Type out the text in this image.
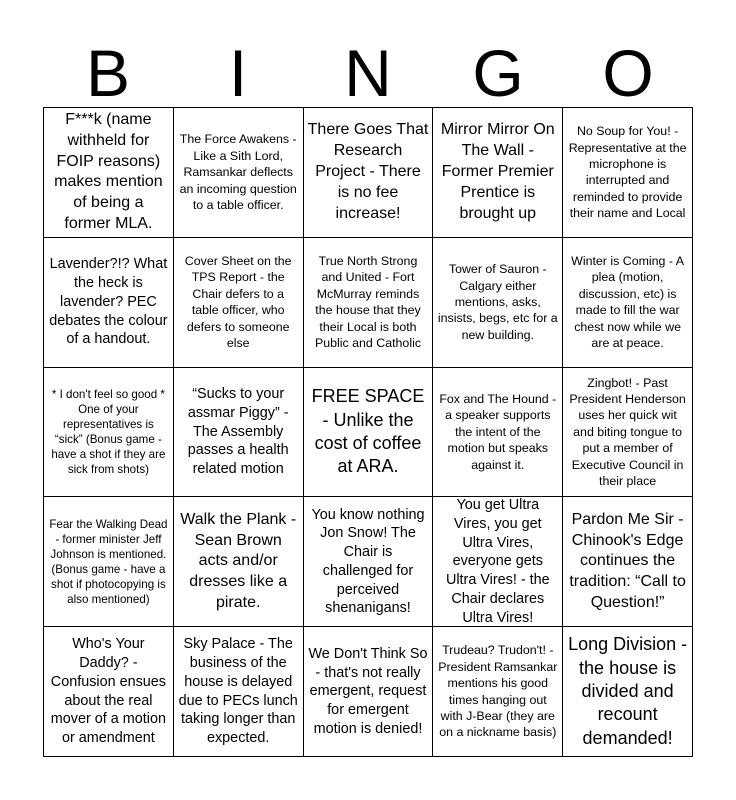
B	I	N	G	O
F***k (name withheld for FOIP reasons) makes mention of being a former MLA.
The Force Awakens - Like a Sith Lord, Ramsankar deflects an incoming question to a table officer.
There Goes That Research Project - There is no fee increase!
Mirror Mirror On The Wall - Former Premier Prentice is brought up
No Soup for You! - Representative at the microphone is interrupted and reminded to provide their name and Local
Lavender?!? What the heck is lavender? PEC debates the colour of a handout.
Cover Sheet on the TPS Report - the Chair defers to a table officer, who defers to someone else
True North Strong and United - Fort McMurray reminds the house that they their Local is both Public and Catholic
Tower of Sauron - Calgary either mentions, asks, insists, begs, etc for a new building.
Winter is Coming - A plea (motion, discussion, etc) is made to fill the war chest now while we are at peace.
* I don't feel so good * One of your representatives is “sick” (Bonus game - have a shot if they are sick from shots)
“Sucks to your assmar Piggy” - The Assembly passes a health related motion
FREE SPACE - Unlike the cost of coffee at ARA.
Fox and The Hound - a speaker supports the intent of the motion but speaks against it.
Zingbot! - Past President Henderson uses her quick wit and biting tongue to put a member of Executive Council in their place
Fear the Walking Dead - former minister Jeff Johnson is mentioned. (Bonus game - have a shot if photocopying is also mentioned)
Walk the Plank - Sean Brown acts and/or dresses like a pirate.
You know nothing Jon Snow! The Chair is challenged for perceived shenanigans!
You get Ultra Vires, you get Ultra Vires, everyone gets Ultra Vires! - the Chair declares Ultra Vires!
Pardon Me Sir - Chinook's Edge continues the tradition: “Call to Question!”
Who's Your Daddy? - Confusion ensues about the real mover of a motion or amendment
Sky Palace - The business of the house is delayed due to PECs lunch taking longer than expected.
We Don't Think So - that's not really emergent, request for emergent motion is denied!
Trudeau? Trudon't! - President Ramsankar mentions his good times hanging out with J-Bear (they are on a nickname basis)
Long Division - the house is divided and recount demanded!
